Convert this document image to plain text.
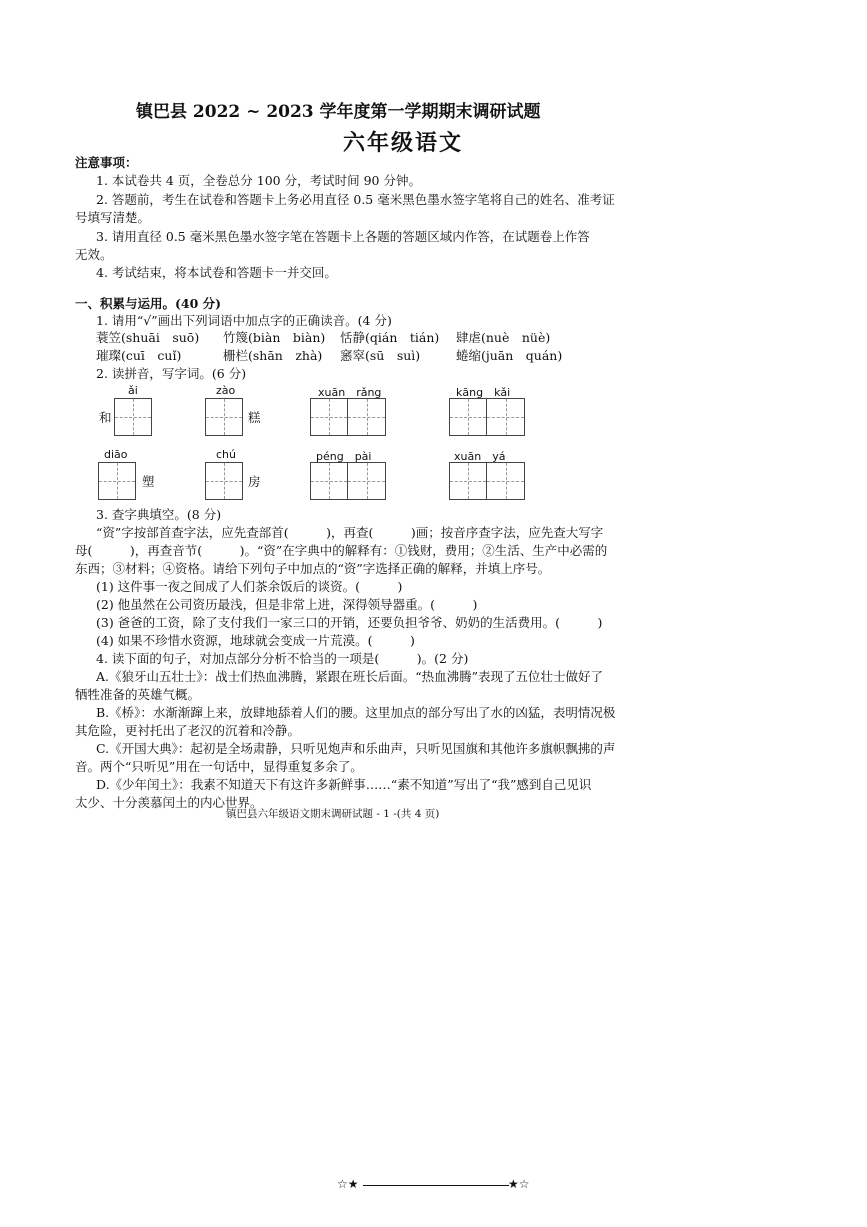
镇巴县 2022 ~ 2023 学年度第一学期期末调研试题
六年级语文
注意事项：
1. 本试卷共 4 页，全卷总分 100 分，考试时间 90 分钟。
2. 答题前，考生在试卷和答题卡上务必用直径 0.5 毫米黑色墨水签字笔将自己的姓名、准考证
号填写清楚。
3. 请用直径 0.5 毫米黑色墨水签字笔在答题卡上各题的答题区域内作答，在试题卷上作答
无效。
4. 考试结束，将本试卷和答题卡一并交回。
一、积累与运用。(40 分)
1. 请用“√”画出下列词语中加点字的正确读音。(4 分)
蓑笠(shuāi　suō) 竹篾(biàn　biàn) 恬静(qián　tián) 肆虐(nuè　nüè)
璀璨(cuī　cuǐ)	栅栏(shān　zhà) 窸窣(sū　suì)	蜷缩(juān　quán)
2. 读拼音，写字词。(6 分)
ǎi	zào	xuān　rǎng	kāng　kǎi
和	糕
diāo	chú	péng　pài	xuān　yá
塑	房
3. 查字典填空。(8 分)
“资”字按部首查字法，应先查部首(　　　)，再查(　　　)画；按音序查字法，应先查大写字
母(　　　)，再查音节(　　　)。“资”在字典中的解释有：①钱财，费用；②生活、生产中必需的
东西；③材料；④资格。请给下列句子中加点的“资”字选择正确的解释，并填上序号。
(1) 这件事一夜之间成了人们茶余饭后的谈资。(　　　)
(2) 他虽然在公司资历最浅，但是非常上进，深得领导器重。(　　　)
(3) 爸爸的工资，除了支付我们一家三口的开销，还要负担爷爷、奶奶的生活费用。(　　　)
(4) 如果不珍惜水资源，地球就会变成一片荒漠。(　　　)
4. 读下面的句子，对加点部分分析不恰当的一项是(　　　)。(2 分)
A.《狼牙山五壮士》：战士们热血沸腾，紧跟在班长后面。“热血沸腾”表现了五位壮士做好了
牺牲准备的英雄气概。
B.《桥》：水渐渐蹿上来，放肆地舔着人们的腰。这里加点的部分写出了水的凶猛，表明情况极
其危险，更衬托出了老汉的沉着和冷静。
C.《开国大典》：起初是全场肃静，只听见炮声和乐曲声，只听见国旗和其他许多旗帜飘拂的声
音。两个“只听见”用在一句话中，显得重复多余了。
D.《少年闰土》：我素不知道天下有这许多新鲜事……“素不知道”写出了“我”感到自己见识
太少、十分羡慕闰土的内心世界。
镇巴县六年级语文期末调研试题 - 1 -(共 4 页)
☆★	★☆
